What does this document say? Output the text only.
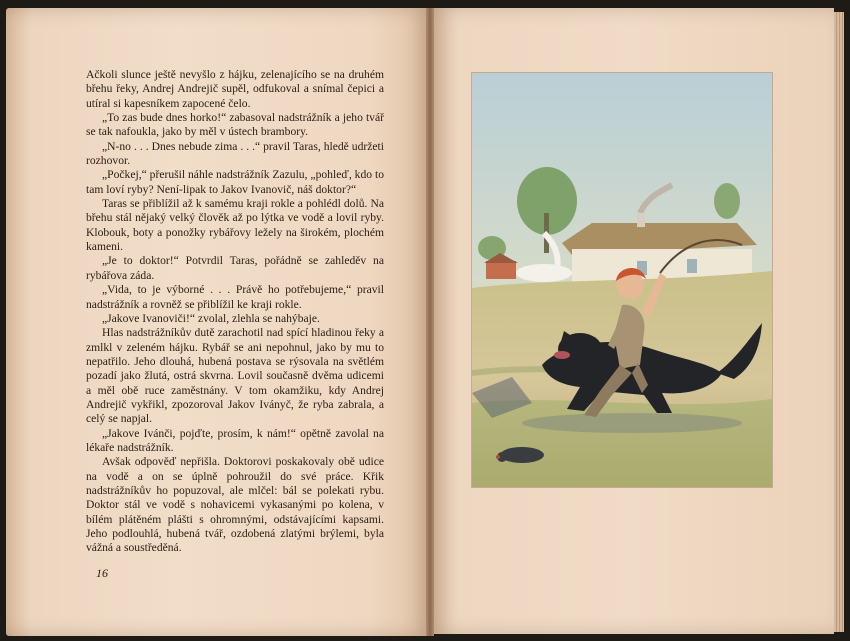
Ačkoli slunce ještě nevyšlo z hájku, zelenajícího se na druhém břehu řeky, Andrej Andrejič supěl, odfukoval a snímal čepici a utíral si kapesníkem zapocené čelo.

„To zas bude dnes horko!“ zabasoval nadstrážník a jeho tvář se tak nafoukla, jako by měl v ústech brambory.

„N-no . . . Dnes nebude zima . . .“ pravil Taras, hledě udržeti rozhovor.

„Počkej,“ přerušil náhle nadstrážník Zazulu, „pohleď, kdo to tam loví ryby? Není-lipak to Jakov Ivanovič, náš doktor?“

Taras se přiblížil až k samému kraji rokle a pohlédl dolů. Na břehu stál nějaký velký člověk až po lýtka ve vodě a lovil ryby. Klobouk, boty a ponožky rybářovy ležely na širokém, plochém kameni.

„Je to doktor!“ Potvrdil Taras, pořádně se zahleděv na rybářova záda.

„Vida, to je výborné . . . Právě ho potřebujeme,“ pravil nadstrážník a rovněž se přiblížil ke kraji rokle.

„Jakove Ivanoviči!“ zvolal, zlehla se nahýbaje.

Hlas nadstrážníkův dutě zarachotil nad spící hladinou řeky a zmlkl v zeleném hájku. Rybář se ani nepohnul, jako by mu to nepatřilo. Jeho dlouhá, hubená postava se rýsovala na světlém pozadí jako žlutá, ostrá skvrna. Lovil současně dvěma udicemi a měl obě ruce zaměstnány. V tom okamžiku, kdy Andrej Andrejič vykřikl, zpozoroval Jakov Iványč, že ryba zabrala, a celý se napjal.

„Jakove Ivánči, pojďte, prosím, k nám!“ opětně zavolal na lékaře nadstrážník.

Avšak odpověď nepřišla. Doktorovi poskakovaly obě udice na vodě a on se úplně pohroužil do své práce. Křik nadstrážníkův ho popuzoval, ale mlčel: bál se polekati rybu. Doktor stál ve vodě s nohavicemi vykasanými po kolena, v bílém plátěném plášti s ohromnými, odstávajícími kapsami. Jeho podlouhlá, hubená tvář, ozdobená zlatými brýlemi, byla vážná a soustředěná.

16
